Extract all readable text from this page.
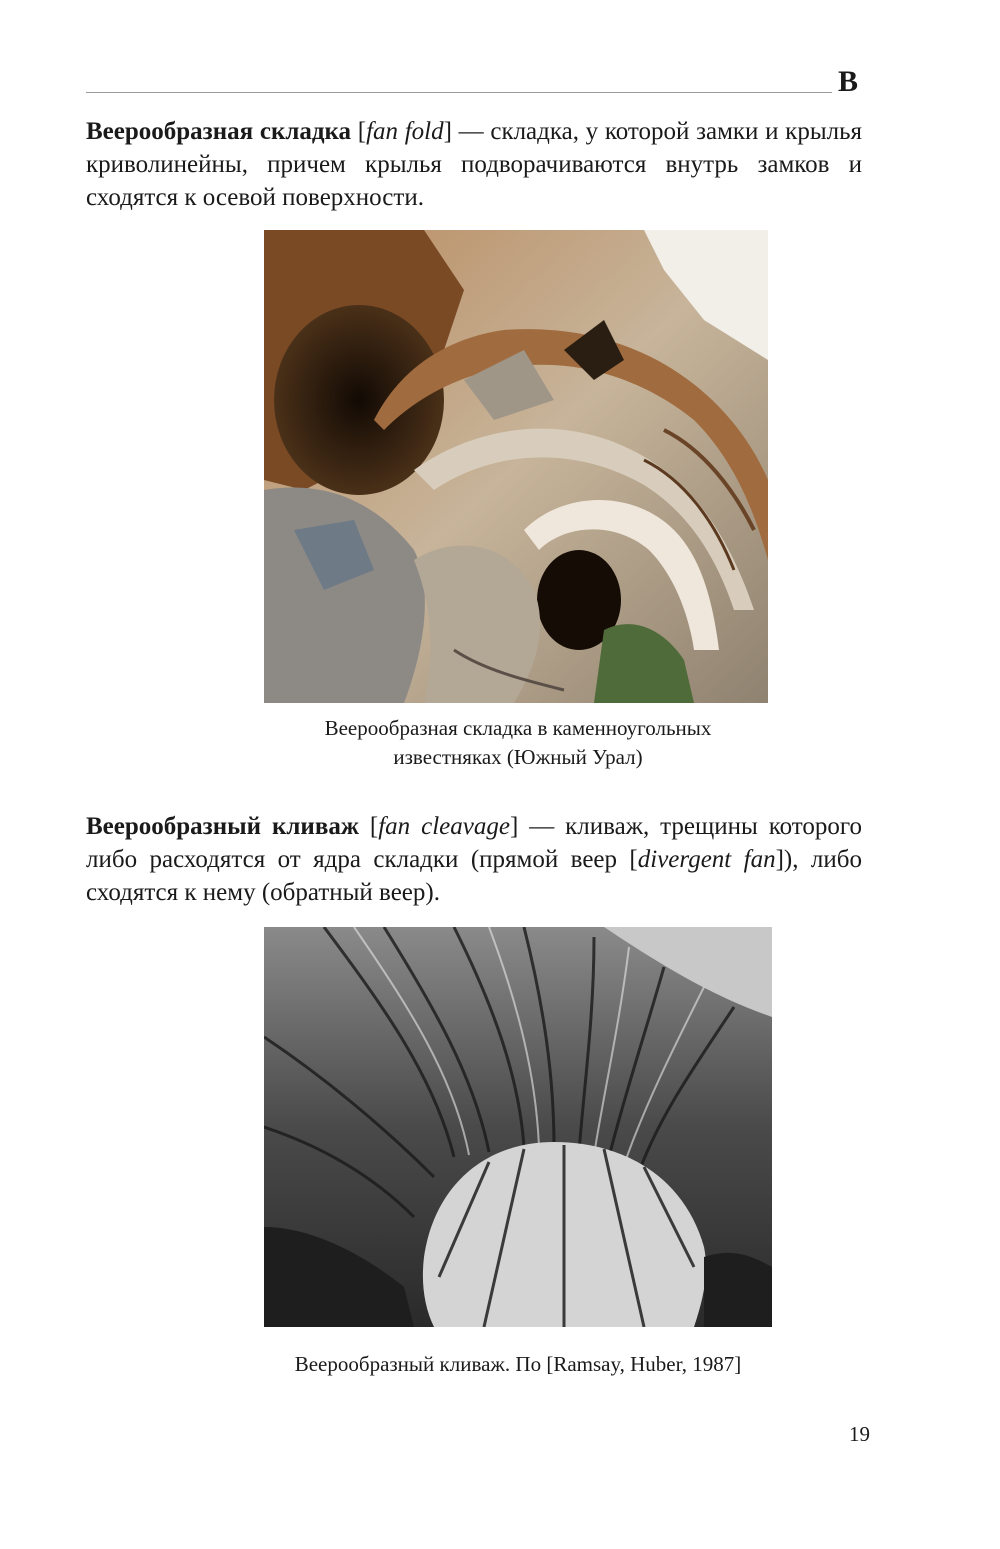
В

Веерообразная складка [fan fold] — складка, у которой замки и крылья криволинейны, причем крылья подворачиваются внутрь замков и сходятся к осевой поверхности.

Веерообразная складка в каменноугольных
известняках (Южный Урал)

Веерообразный кливаж [fan cleavage] — кливаж, трещины которого либо расходятся от ядра складки (прямой веер [divergent fan]), либо сходятся к нему (обратный веер).

Веерообразный кливаж. По [Ramsay, Huber, 1987]
19
